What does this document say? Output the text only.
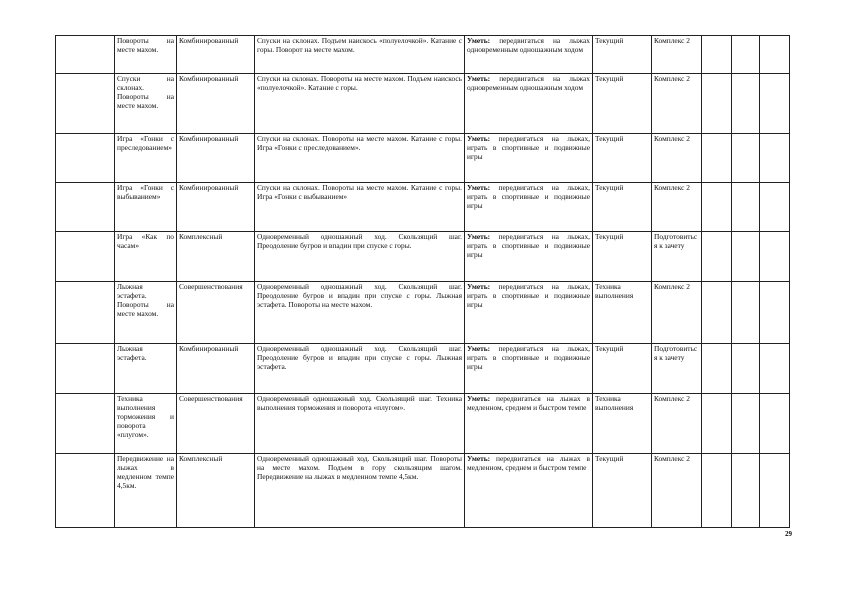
	Повороты на месте махом.	Комбинированный	Спуски на склонах. Подъем наискось «полуелочкой». Катание с горы. Поворот на месте махом.	Уметь: передвигаться на лыжах одновременным одношажным ходом	Текущий	Комплекс 2			
	Спуски на склонах. Повороты на месте махом.	Комбинированный	Спуски на склонах. Повороты на месте махом. Подъем наискось «полуелочкой». Катание с горы.	Уметь: передвигаться на лыжах одновременным одношажным ходом	Текущий	Комплекс 2			
	Игра «Гонки с преследованием»	Комбинированный	Спуски на склонах. Повороты на месте махом. Катание с горы. Игра «Гонки с преследованием».	Уметь: передвигаться на лыжах, играть в спортивные и подвижные игры	Текущий	Комплекс 2			
	Игра «Гонки с выбыванием»	Комбинированный	Спуски на склонах. Повороты на месте махом. Катание с горы. Игра «Гонки с выбыванием»	Уметь: передвигаться на лыжах, играть в спортивные и подвижные игры	Текущий	Комплекс 2			
	Игра «Как по часам»	Комплексный	Одновременный одношажный ход. Скользящий шаг. Преодоление бугров и впадин при спуске с горы.	Уметь: передвигаться на лыжах, играть в спортивные и подвижные игры	Текущий	Подготовиться к зачету			
	Лыжная эстафета. Повороты на месте махом.	Совершенствования	Одновременный одношажный ход. Скользящий шаг. Преодоление бугров и впадин при спуске с горы. Лыжная эстафета. Повороты на месте махом.	Уметь: передвигаться на лыжах, играть в спортивные и подвижные игры	Техника выполнения	Комплекс 2			
	Лыжная эстафета.	Комбинированный	Одновременный одношажный ход. Скользящий шаг. Преодоление бугров и впадин при спуске с горы. Лыжная эстафета.	Уметь: передвигаться на лыжах, играть в спортивные и подвижные игры	Текущий	Подготовиться к зачету			
	Техника выполнения торможения и поворота «плугом».	Совершенствования	Одновременный одношажный ход. Скользящий шаг. Техника выполнения торможения и поворота «плугом».	Уметь: передвигаться на лыжах в медленном, среднем и быстром темпе	Техника выполнения	Комплекс 2			
	Передвижение на лыжах в медленном темпе 4,5км.	Комплексный	Одновременный одношажный ход. Скользящий шаг. Повороты на месте махом. Подъем в гору скользящим шагом. Передвижение на лыжах в медленном темпе 4,5км.	Уметь: передвигаться на лыжах в медленном, среднем и быстром темпе	Текущий	Комплекс 2			
29
